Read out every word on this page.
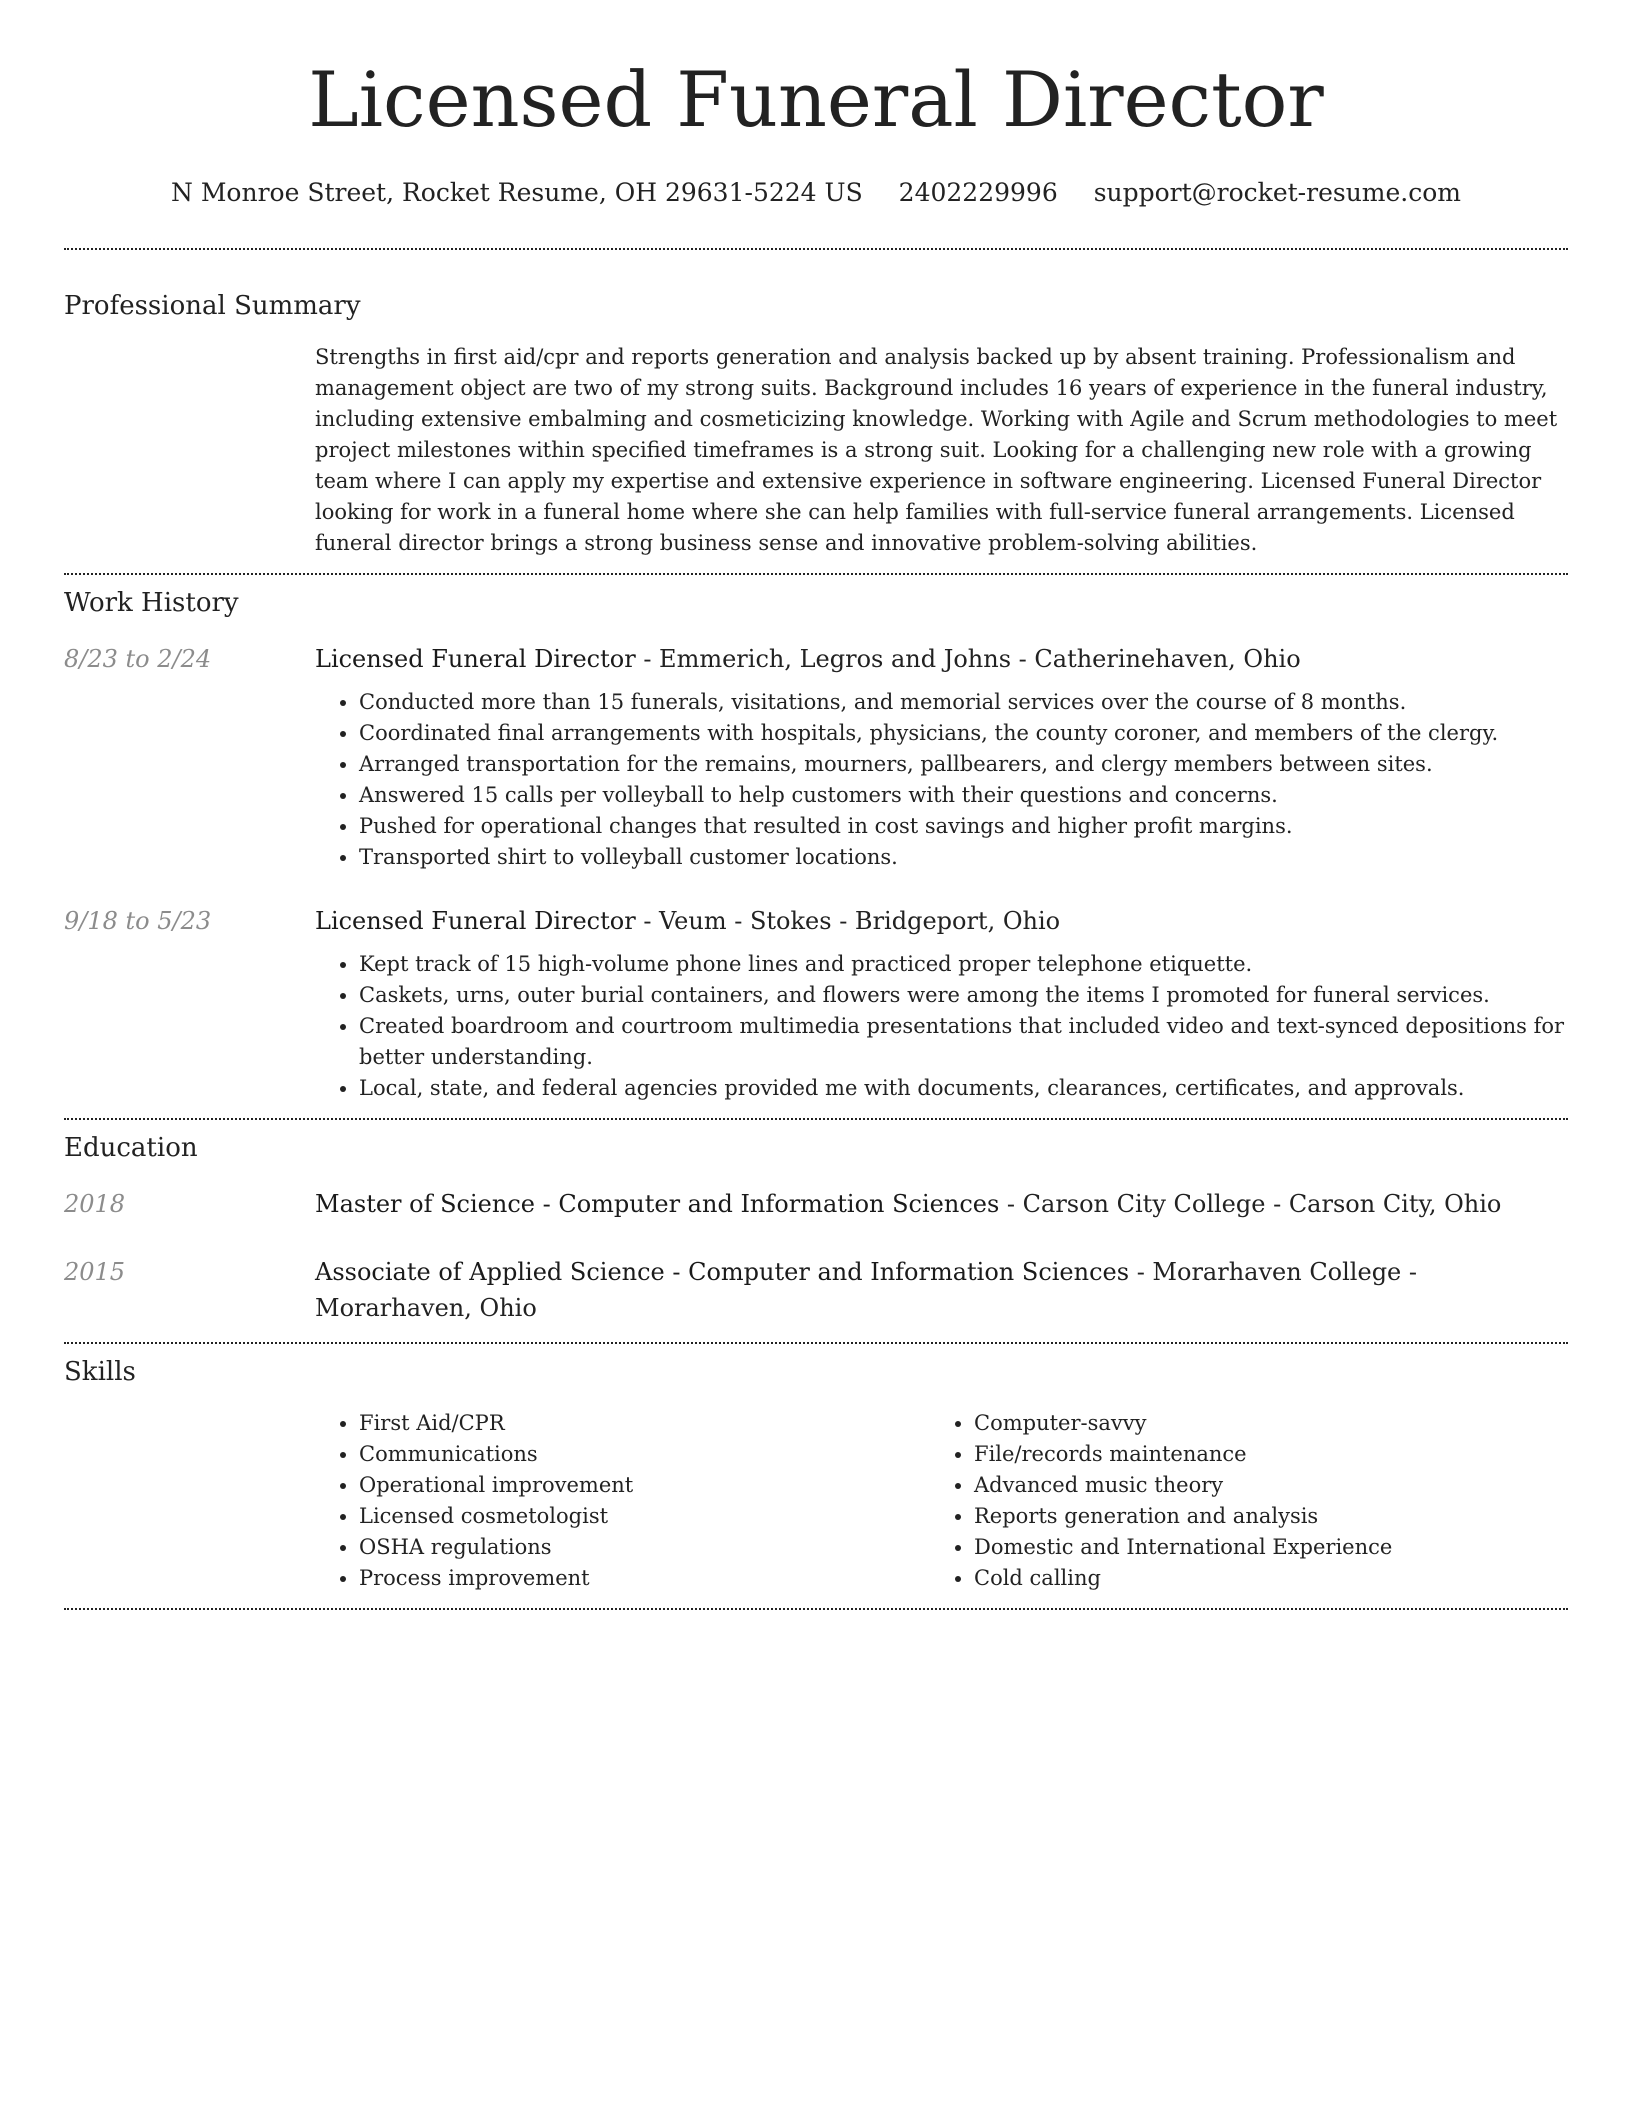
Licensed Funeral Director
N Monroe Street, Rocket Resume, OH 29631-5224 US 2402229996 support@rocket-resume.com
Professional Summary
Strengths in first aid/cpr and reports generation and analysis backed up by absent training. Professionalism and management object are two of my strong suits. Background includes 16 years of experience in the funeral industry, including extensive embalming and cosmeticizing knowledge. Working with Agile and Scrum methodologies to meet project milestones within specified timeframes is a strong suit. Looking for a challenging new role with a growing team where I can apply my expertise and extensive experience in software engineering. Licensed Funeral Director looking for work in a funeral home where she can help families with full-service funeral arrangements. Licensed funeral director brings a strong business sense and innovative problem-solving abilities.
Work History
8/23 to 2/24	Licensed Funeral Director - Emmerich, Legros and Johns - Catherinehaven, Ohio
• Conducted more than 15 funerals, visitations, and memorial services over the course of 8 months.
• Coordinated final arrangements with hospitals, physicians, the county coroner, and members of the clergy.
• Arranged transportation for the remains, mourners, pallbearers, and clergy members between sites.
• Answered 15 calls per volleyball to help customers with their questions and concerns.
• Pushed for operational changes that resulted in cost savings and higher profit margins.
• Transported shirt to volleyball customer locations.
9/18 to 5/23	Licensed Funeral Director - Veum - Stokes - Bridgeport, Ohio
• Kept track of 15 high-volume phone lines and practiced proper telephone etiquette.
• Caskets, urns, outer burial containers, and flowers were among the items I promoted for funeral services.
• Created boardroom and courtroom multimedia presentations that included video and text-synced depositions for better understanding.
• Local, state, and federal agencies provided me with documents, clearances, certificates, and approvals.
Education
2018	Master of Science - Computer and Information Sciences - Carson City College - Carson City, Ohio
2015	Associate of Applied Science - Computer and Information Sciences - Morarhaven College - Morarhaven, Ohio
Skills
• First Aid/CPR
• Communications
• Operational improvement
• Licensed cosmetologist
• OSHA regulations
• Process improvement
• Computer-savvy
• File/records maintenance
• Advanced music theory
• Reports generation and analysis
• Domestic and International Experience
• Cold calling
